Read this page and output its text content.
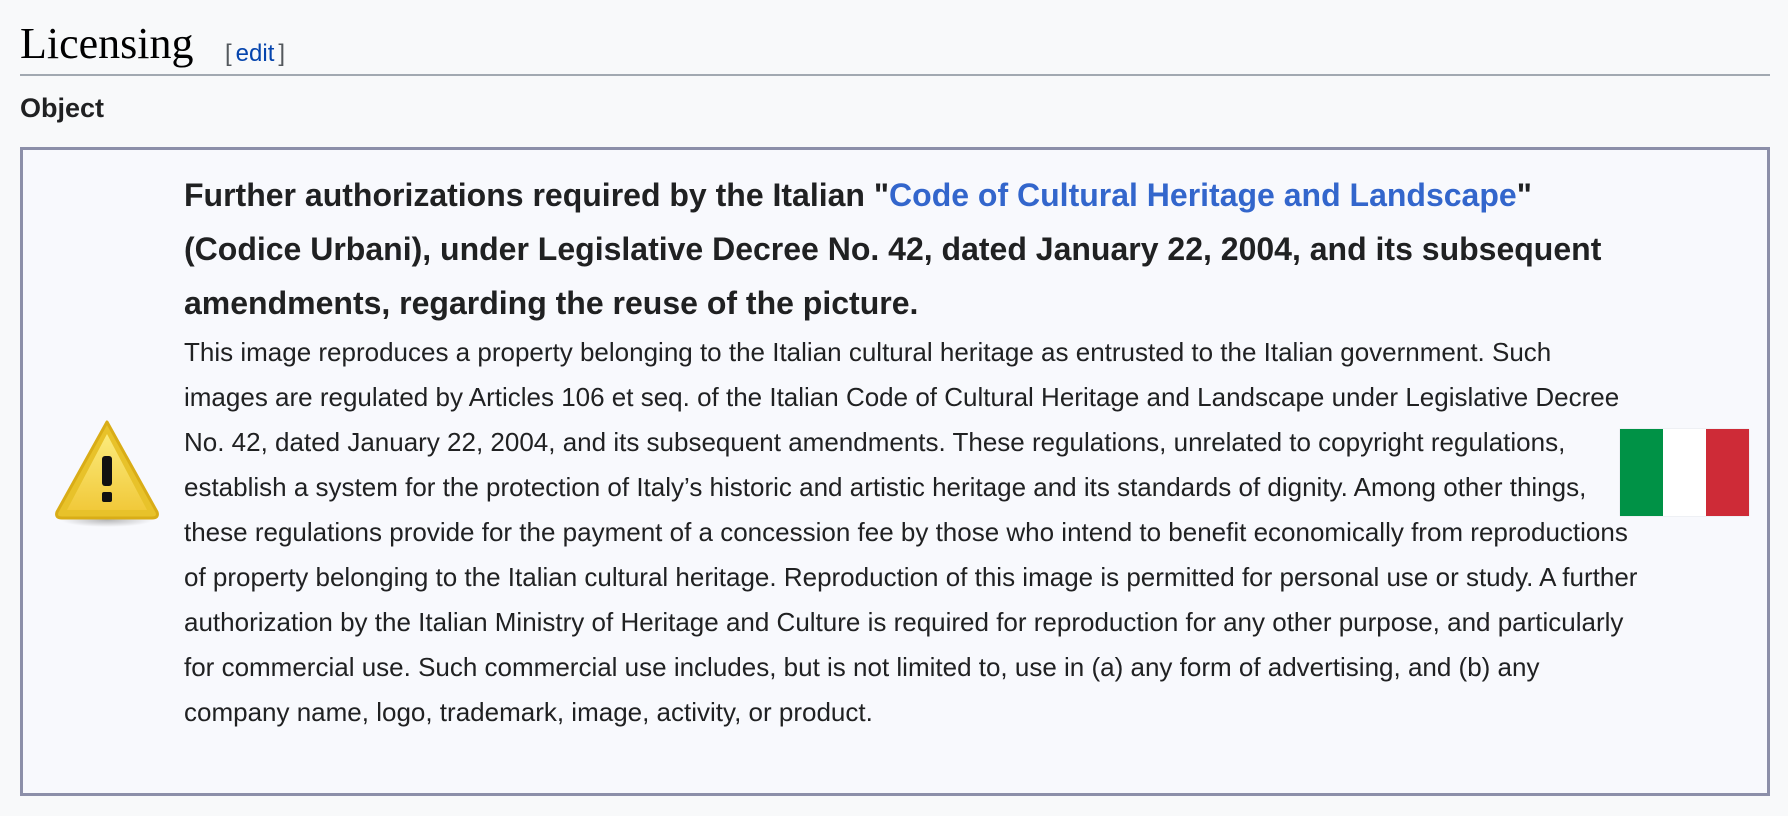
Licensing [ edit ]
Object

Further authorizations required by the Italian "Code of Cultural Heritage and Landscape" (Codice Urbani), under Legislative Decree No. 42, dated January 22, 2004, and its subsequent amendments, regarding the reuse of the picture.

This image reproduces a property belonging to the Italian cultural heritage as entrusted to the Italian government. Such images are regulated by Articles 106 et seq. of the Italian Code of Cultural Heritage and Landscape under Legislative Decree No. 42, dated January 22, 2004, and its subsequent amendments. These regulations, unrelated to copyright regulations, establish a system for the protection of Italy’s historic and artistic heritage and its standards of dignity. Among other things, these regulations provide for the payment of a concession fee by those who intend to benefit economically from reproductions of property belonging to the Italian cultural heritage. Reproduction of this image is permitted for personal use or study. A further authorization by the Italian Ministry of Heritage and Culture is required for reproduction for any other purpose, and particularly for commercial use. Such commercial use includes, but is not limited to, use in (a) any form of advertising, and (b) any company name, logo, trademark, image, activity, or product.
